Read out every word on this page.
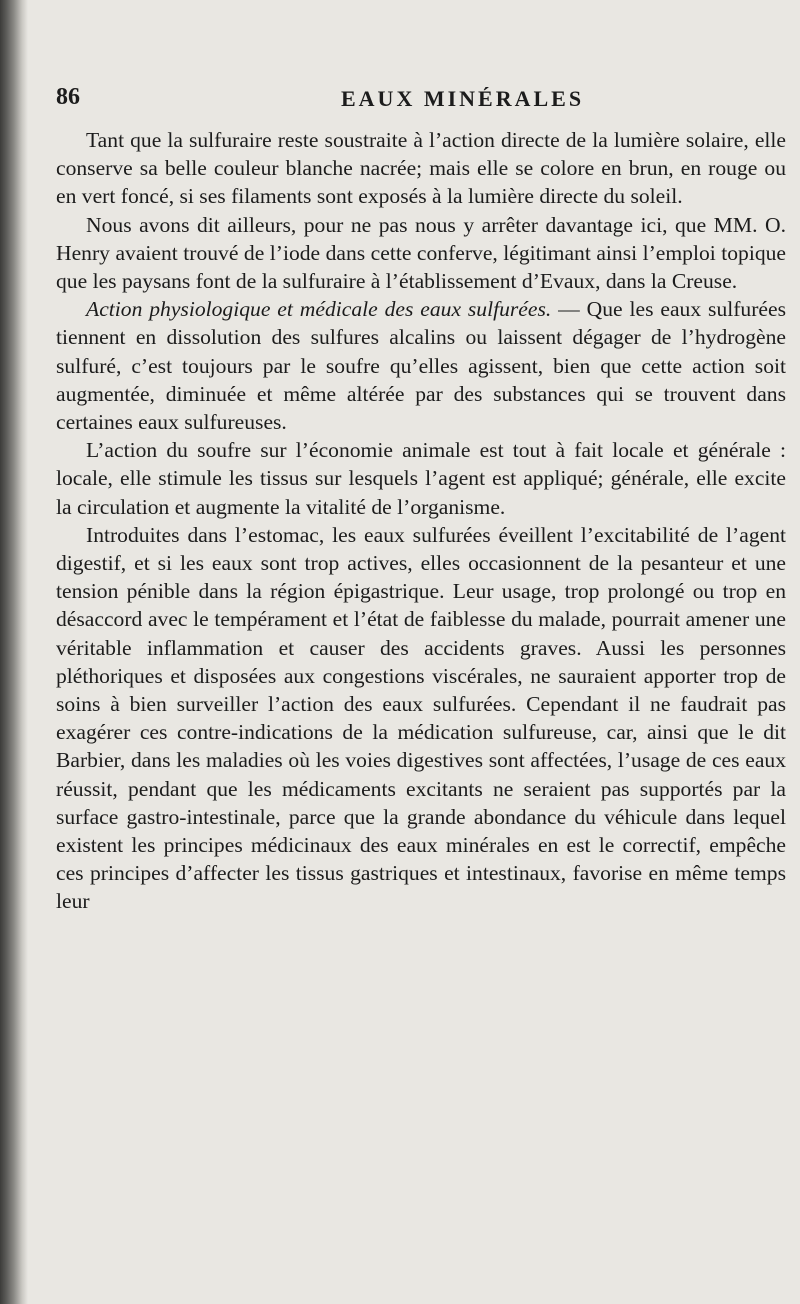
86	EAUX MINÉRALES

Tant que la sulfuraire reste soustraite à l’action directe de la lumière solaire, elle conserve sa belle couleur blanche nacrée; mais elle se colore en brun, en rouge ou en vert foncé, si ses filaments sont exposés à la lumière directe du soleil.

Nous avons dit ailleurs, pour ne pas nous y arrêter davantage ici, que MM. O. Henry avaient trouvé de l’iode dans cette conferve, légitimant ainsi l’emploi topique que les paysans font de la sulfuraire à l’établissement d’Evaux, dans la Creuse.

Action physiologique et médicale des eaux sulfurées. — Que les eaux sulfurées tiennent en dissolution des sulfures alcalins ou laissent dégager de l’hydrogène sulfuré, c’est toujours par le soufre qu’elles agissent, bien que cette action soit augmentée, diminuée et même altérée par des substances qui se trouvent dans certaines eaux sulfureuses.

L’action du soufre sur l’économie animale est tout à fait locale et générale : locale, elle stimule les tissus sur lesquels l’agent est appliqué; générale, elle excite la circulation et augmente la vitalité de l’organisme.

Introduites dans l’estomac, les eaux sulfurées éveillent l’excitabilité de l’agent digestif, et si les eaux sont trop actives, elles occasionnent de la pesanteur et une tension pénible dans la région épigastrique. Leur usage, trop prolongé ou trop en désaccord avec le tempérament et l’état de faiblesse du malade, pourrait amener une véritable inflammation et causer des accidents graves. Aussi les personnes pléthoriques et disposées aux congestions viscérales, ne sauraient apporter trop de soins à bien surveiller l’action des eaux sulfurées. Cependant il ne faudrait pas exagérer ces contre-indications de la médication sulfureuse, car, ainsi que le dit Barbier, dans les maladies où les voies digestives sont affectées, l’usage de ces eaux réussit, pendant que les médicaments excitants ne seraient pas supportés par la surface gastro-intestinale, parce que la grande abondance du véhicule dans lequel existent les principes médicinaux des eaux minérales en est le correctif, empêche ces principes d’affecter les tissus gastriques et intestinaux, favorise en même temps leur
